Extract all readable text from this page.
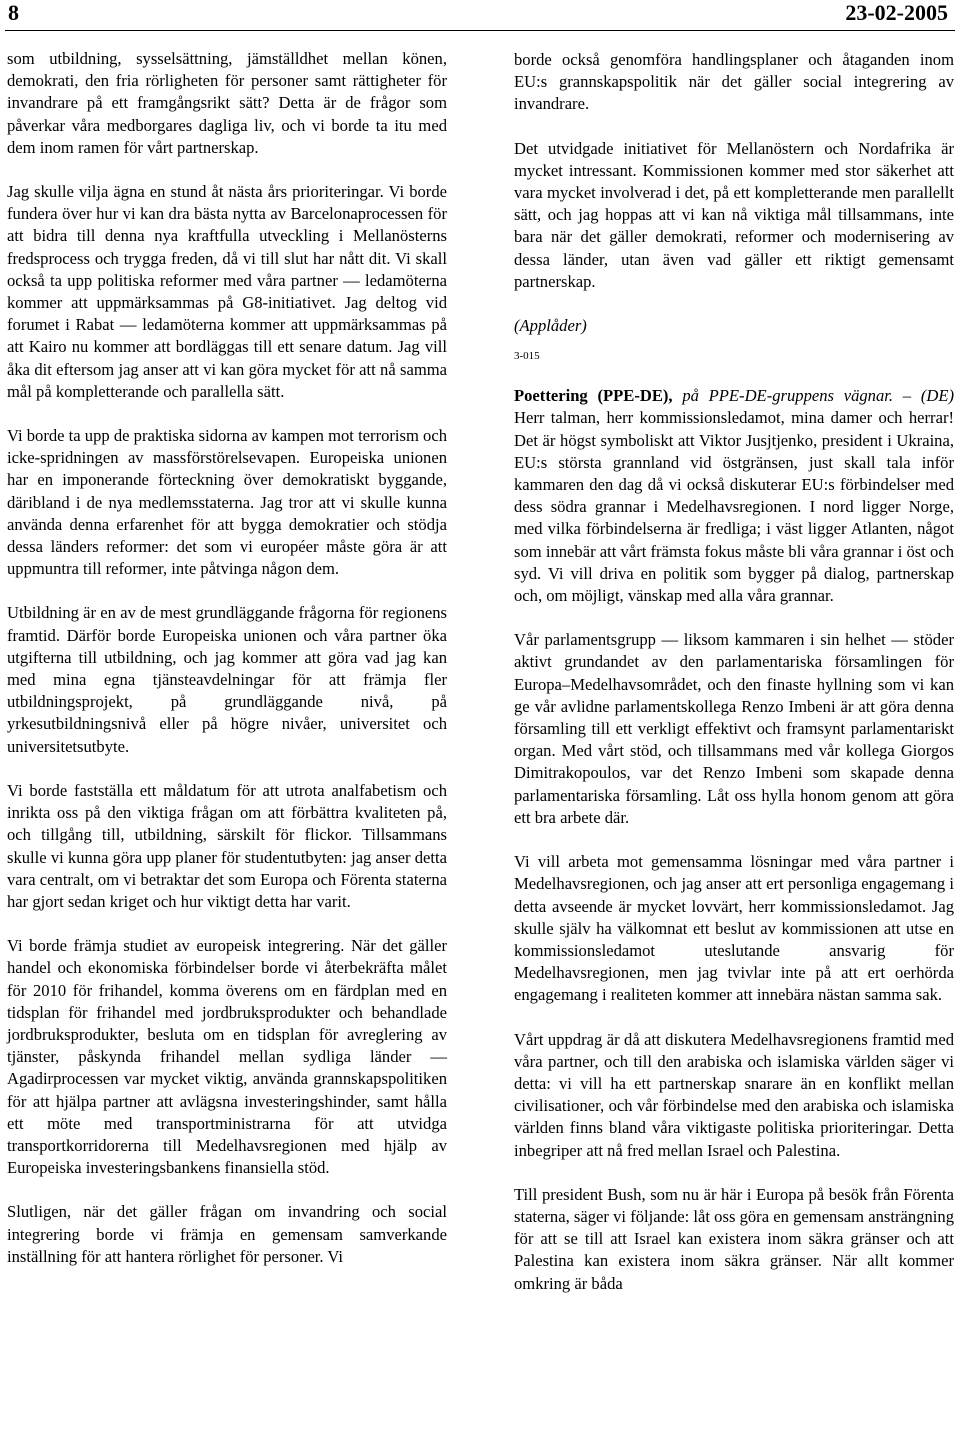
8	23-02-2005

som utbildning, sysselsättning, jämställdhet mellan könen, demokrati, den fria rörligheten för personer samt rättigheter för invandrare på ett framgångsrikt sätt? Detta är de frågor som påverkar våra medborgares dagliga liv, och vi borde ta itu med dem inom ramen för vårt partnerskap.

Jag skulle vilja ägna en stund åt nästa års prioriteringar. Vi borde fundera över hur vi kan dra bästa nytta av Barcelonaprocessen för att bidra till denna nya kraftfulla utveckling i Mellanösterns fredsprocess och trygga freden, då vi till slut har nått dit. Vi skall också ta upp politiska reformer med våra partner — ledamöterna kommer att uppmärksammas på G8-initiativet. Jag deltog vid forumet i Rabat — ledamöterna kommer att uppmärksammas på att Kairo nu kommer att bordläggas till ett senare datum. Jag vill åka dit eftersom jag anser att vi kan göra mycket för att nå samma mål på kompletterande och parallella sätt.

Vi borde ta upp de praktiska sidorna av kampen mot terrorism och icke-spridningen av massförstörelsevapen. Europeiska unionen har en imponerande förteckning över demokratiskt byggande, däribland i de nya medlemsstaterna. Jag tror att vi skulle kunna använda denna erfarenhet för att bygga demokratier och stödja dessa länders reformer: det som vi européer måste göra är att uppmuntra till reformer, inte påtvinga någon dem.

Utbildning är en av de mest grundläggande frågorna för regionens framtid. Därför borde Europeiska unionen och våra partner öka utgifterna till utbildning, och jag kommer att göra vad jag kan med mina egna tjänsteavdelningar för att främja fler utbildningsprojekt, på grundläggande nivå, på yrkesutbildningsnivå eller på högre nivåer, universitet och universitetsutbyte.

Vi borde fastställa ett måldatum för att utrota analfabetism och inrikta oss på den viktiga frågan om att förbättra kvaliteten på, och tillgång till, utbildning, särskilt för flickor. Tillsammans skulle vi kunna göra upp planer för studentutbyten: jag anser detta vara centralt, om vi betraktar det som Europa och Förenta staterna har gjort sedan kriget och hur viktigt detta har varit.

Vi borde främja studiet av europeisk integrering. När det gäller handel och ekonomiska förbindelser borde vi återbekräfta målet för 2010 för frihandel, komma överens om en färdplan med en tidsplan för frihandel med jordbruksprodukter och behandlade jordbruksprodukter, besluta om en tidsplan för avreglering av tjänster, påskynda frihandel mellan sydliga länder — Agadirprocessen var mycket viktig, använda grannskapspolitiken för att hjälpa partner att avlägsna investeringshinder, samt hålla ett möte med transportministrarna för att utvidga transportkorridorerna till Medelhavsregionen med hjälp av Europeiska investeringsbankens finansiella stöd.

Slutligen, när det gäller frågan om invandring och social integrering borde vi främja en gemensam samverkande inställning för att hantera rörlighet för personer. Vi

borde också genomföra handlingsplaner och åtaganden inom EU:s grannskapspolitik när det gäller social integrering av invandrare.

Det utvidgade initiativet för Mellanöstern och Nordafrika är mycket intressant. Kommissionen kommer med stor säkerhet att vara mycket involverad i det, på ett kompletterande men parallellt sätt, och jag hoppas att vi kan nå viktiga mål tillsammans, inte bara när det gäller demokrati, reformer och modernisering av dessa länder, utan även vad gäller ett riktigt gemensamt partnerskap.

(Applåder)

3-015

Poettering (PPE-DE), på PPE-DE-gruppens vägnar. – (DE) Herr talman, herr kommissionsledamot, mina damer och herrar! Det är högst symboliskt att Viktor Jusjtjenko, president i Ukraina, EU:s största grannland vid östgränsen, just skall tala inför kammaren den dag då vi också diskuterar EU:s förbindelser med dess södra grannar i Medelhavsregionen. I nord ligger Norge, med vilka förbindelserna är fredliga; i väst ligger Atlanten, något som innebär att vårt främsta fokus måste bli våra grannar i öst och syd. Vi vill driva en politik som bygger på dialog, partnerskap och, om möjligt, vänskap med alla våra grannar.

Vår parlamentsgrupp — liksom kammaren i sin helhet — stöder aktivt grundandet av den parlamentariska församlingen för Europa–Medelhavsområdet, och den finaste hyllning som vi kan ge vår avlidne parlamentskollega Renzo Imbeni är att göra denna församling till ett verkligt effektivt och framsynt parlamentariskt organ. Med vårt stöd, och tillsammans med vår kollega Giorgos Dimitrakopoulos, var det Renzo Imbeni som skapade denna parlamentariska församling. Låt oss hylla honom genom att göra ett bra arbete där.

Vi vill arbeta mot gemensamma lösningar med våra partner i Medelhavsregionen, och jag anser att ert personliga engagemang i detta avseende är mycket lovvärt, herr kommissionsledamot. Jag skulle själv ha välkomnat ett beslut av kommissionen att utse en kommissionsledamot uteslutande ansvarig för Medelhavsregionen, men jag tvivlar inte på att ert oerhörda engagemang i realiteten kommer att innebära nästan samma sak.

Vårt uppdrag är då att diskutera Medelhavsregionens framtid med våra partner, och till den arabiska och islamiska världen säger vi detta: vi vill ha ett partnerskap snarare än en konflikt mellan civilisationer, och vår förbindelse med den arabiska och islamiska världen finns bland våra viktigaste politiska prioriteringar. Detta inbegriper att nå fred mellan Israel och Palestina.

Till president Bush, som nu är här i Europa på besök från Förenta staterna, säger vi följande: låt oss göra en gemensam ansträngning för att se till att Israel kan existera inom säkra gränser och att Palestina kan existera inom säkra gränser. När allt kommer omkring är båda
